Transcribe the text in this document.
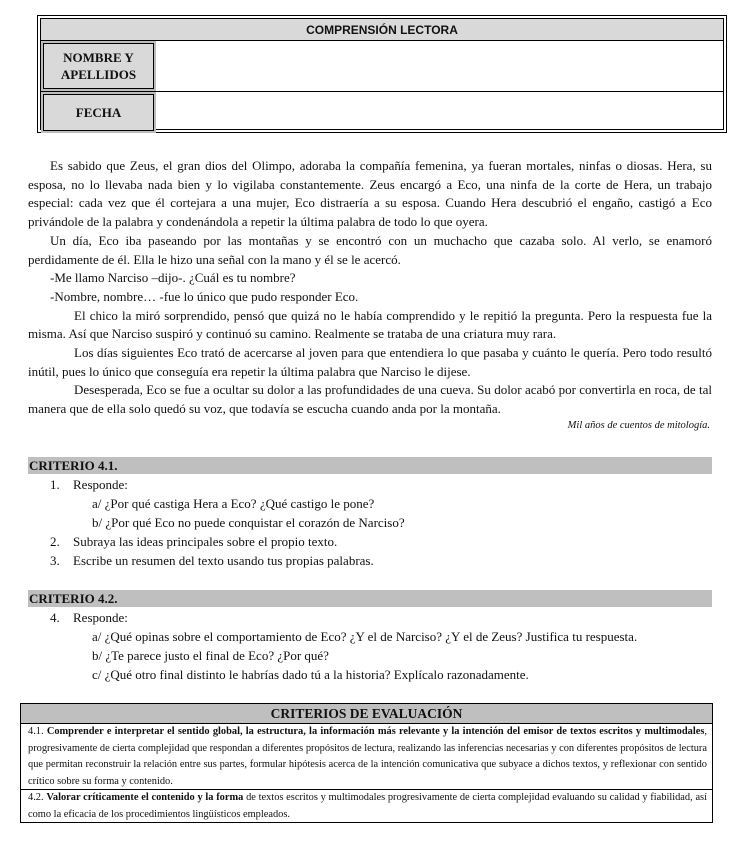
COMPRENSIÓN LECTORA
NOMBRE Y
APELLIDOS
FECHA

Es sabido que Zeus, el gran dios del Olimpo, adoraba la compañía femenina, ya fueran mortales, ninfas o diosas. Hera, su esposa, no lo llevaba nada bien y lo vigilaba constantemente. Zeus encargó a Eco, una ninfa de la corte de Hera, un trabajo especial: cada vez que él cortejara a una mujer, Eco distraería a su esposa. Cuando Hera descubrió el engaño, castigó a Eco privándole de la palabra y condenándola a repetir la última palabra de todo lo que oyera.

Un día, Eco iba paseando por las montañas y se encontró con un muchacho que cazaba solo. Al verlo, se enamoró perdidamente de él. Ella le hizo una señal con la mano y él se le acercó.

-Me llamo Narciso –dijo-. ¿Cuál es tu nombre?

-Nombre, nombre… -fue lo único que pudo responder Eco.

El chico la miró sorprendido, pensó que quizá no le había comprendido y le repitió la pregunta. Pero la respuesta fue la misma. Así que Narciso suspiró y continuó su camino. Realmente se trataba de una criatura muy rara.

Los días siguientes Eco trató de acercarse al joven para que entendiera lo que pasaba y cuánto le quería. Pero todo resultó inútil, pues lo único que conseguía era repetir la última palabra que Narciso le dijese.

Desesperada, Eco se fue a ocultar su dolor a las profundidades de una cueva. Su dolor acabó por convertirla en roca, de tal manera que de ella solo quedó su voz, que todavía se escucha cuando anda por la montaña.

Mil años de cuentos de mitología.

CRITERIO 4.1.
1. Responde:
a/ ¿Por qué castiga Hera a Eco? ¿Qué castigo le pone?
b/ ¿Por qué Eco no puede conquistar el corazón de Narciso?
2. Subraya las ideas principales sobre el propio texto.
3. Escribe un resumen del texto usando tus propias palabras.
CRITERIO 4.2.
4. Responde:
a/ ¿Qué opinas sobre el comportamiento de Eco? ¿Y el de Narciso? ¿Y el de Zeus? Justifica tu respuesta.
b/ ¿Te parece justo el final de Eco? ¿Por qué?
c/ ¿Qué otro final distinto le habrías dado tú a la historia? Explícalo razonadamente.
CRITERIOS DE EVALUACIÓN
4.1. Comprender e interpretar el sentido global, la estructura, la información más relevante y la intención del emisor de textos escritos y multimodales, progresivamente de cierta complejidad que respondan a diferentes propósitos de lectura, realizando las inferencias necesarias y con diferentes propósitos de lectura que permitan reconstruir la relación entre sus partes, formular hipótesis acerca de la intención comunicativa que subyace a dichos textos, y reflexionar con sentido crítico sobre su forma y contenido.
4.2. Valorar críticamente el contenido y la forma de textos escritos y multimodales progresivamente de cierta complejidad evaluando su calidad y fiabilidad, así como la eficacia de los procedimientos lingüísticos empleados.
